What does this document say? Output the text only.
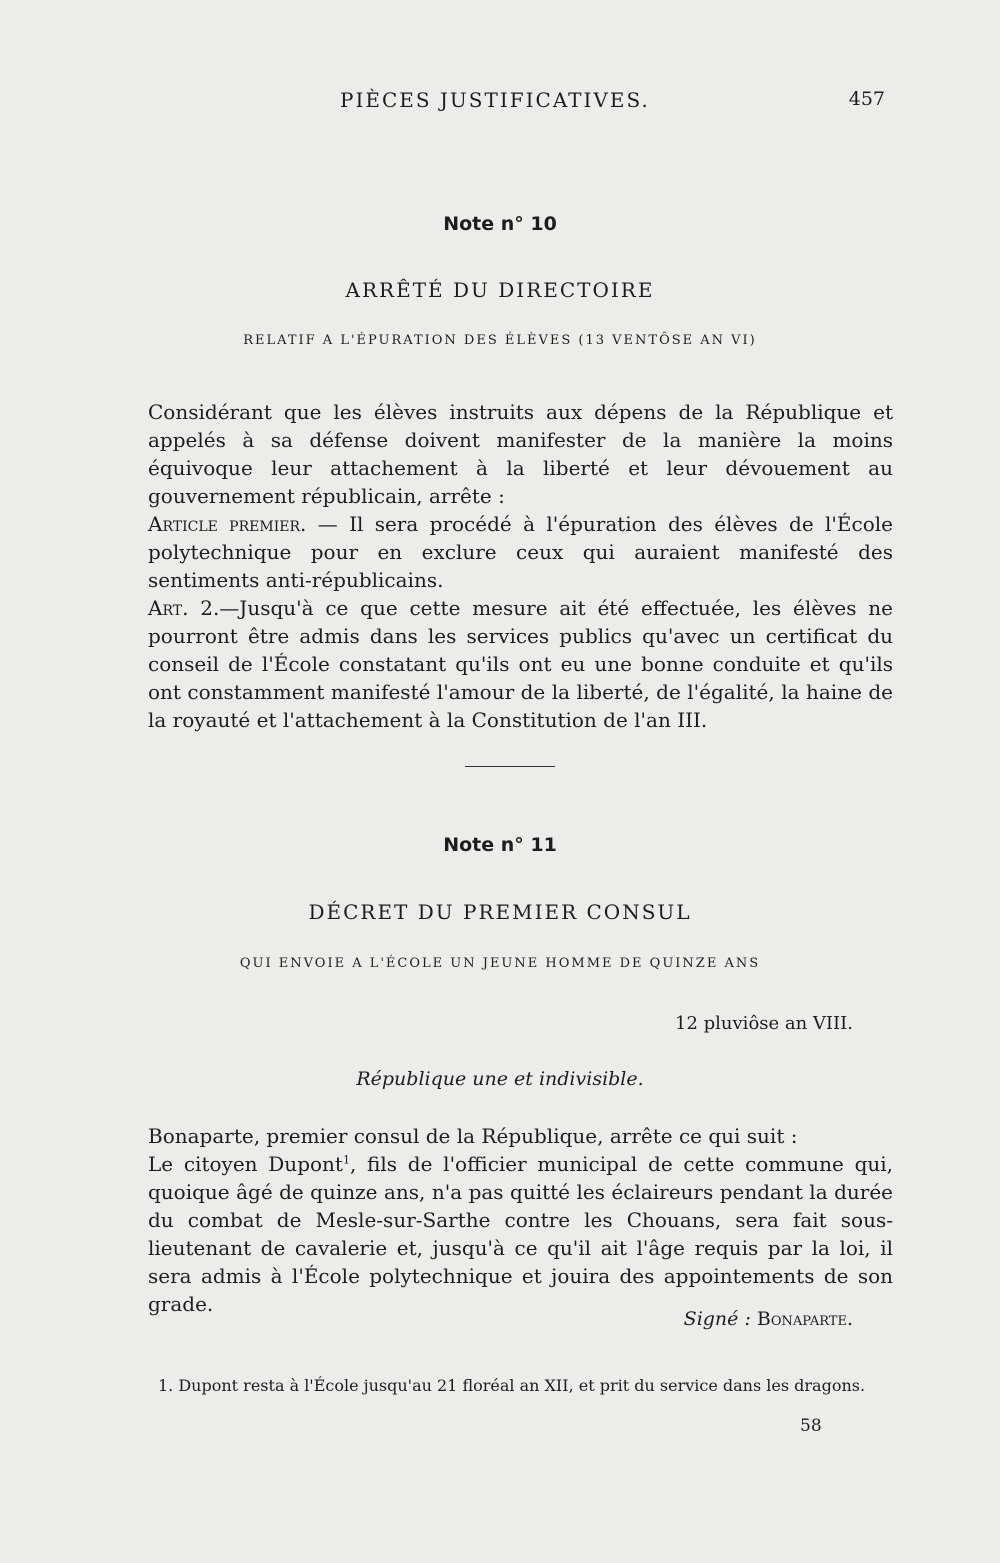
PIÈCES JUSTIFICATIVES.	457
Note n° 10
ARRÊTÉ DU DIRECTOIRE
RELATIF A L'ÉPURATION DES ÉLÈVES (13 VENTÔSE AN VI)

Considérant que les élèves instruits aux dépens de la République et appelés à sa défense doivent manifester de la manière la moins équivoque leur attachement à la liberté et leur dévouement au gouvernement républicain, arrête :

Article premier. — Il sera procédé à l'épuration des élèves de l'École polytechnique pour en exclure ceux qui auraient manifesté des sentiments anti-républicains.

Art. 2.—Jusqu'à ce que cette mesure ait été effectuée, les élèves ne pourront être admis dans les services publics qu'avec un certificat du conseil de l'École constatant qu'ils ont eu une bonne conduite et qu'ils ont constamment manifesté l'amour de la liberté, de l'égalité, la haine de la royauté et l'attachement à la Constitution de l'an III.

Note n° 11
DÉCRET DU PREMIER CONSUL
QUI ENVOIE A L'ÉCOLE UN JEUNE HOMME DE QUINZE ANS
12 pluviôse an VIII.
République une et indivisible.

Bonaparte, premier consul de la République, arrête ce qui suit :

Le citoyen Dupont$^1$, fils de l'officier municipal de cette commune qui, quoique âgé de quinze ans, n'a pas quitté les éclaireurs pendant la durée du combat de Mesle-sur-Sarthe contre les Chouans, sera fait sous-lieutenant de cavalerie et, jusqu'à ce qu'il ait l'âge requis par la loi, il sera admis à l'École polytechnique et jouira des appointements de son grade.

Signé : Bonaparte.
1. Dupont resta à l'École jusqu'au 21 floréal an XII, et prit du service dans les dragons.
58
